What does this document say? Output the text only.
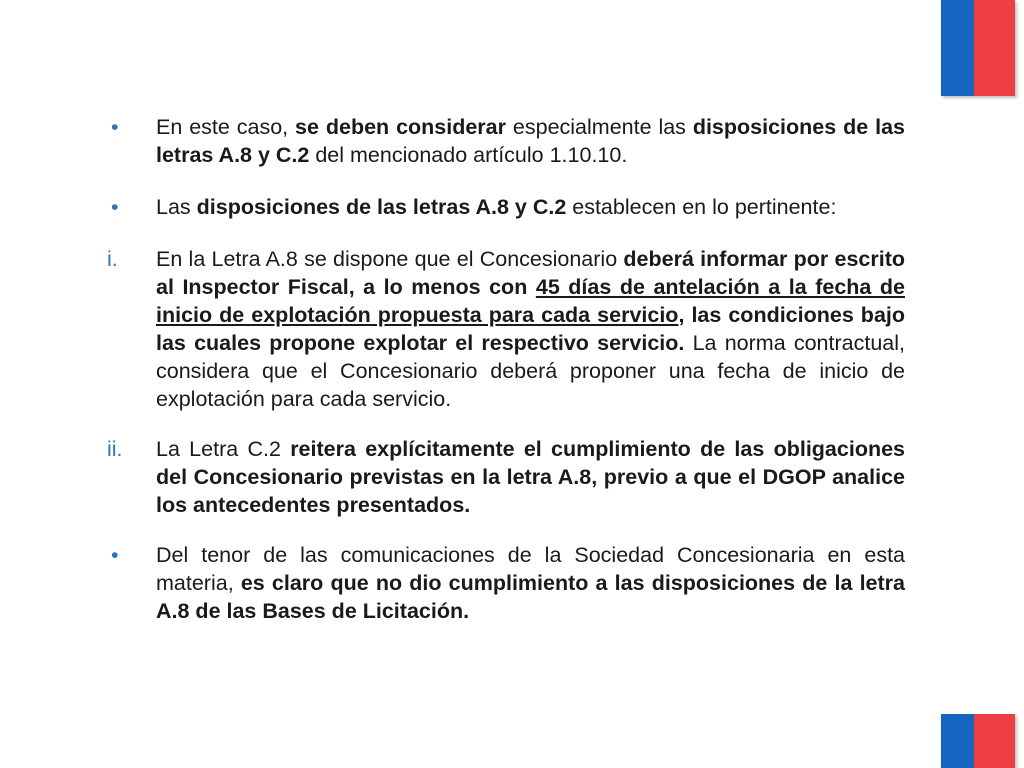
•	En este caso, se deben considerar especialmente las disposiciones de las letras A.8 y C.2 del mencionado artículo 1.10.10.
•	Las disposiciones de las letras A.8 y C.2 establecen en lo pertinente:
i.	En la Letra A.8 se dispone que el Concesionario deberá informar por escrito al Inspector Fiscal, a lo menos con 45 días de antelación a la fecha de inicio de explotación propuesta para cada servicio, las condiciones bajo las cuales propone explotar el respectivo servicio. La norma contractual, considera que el Concesionario deberá proponer una fecha de inicio de explotación para cada servicio.
ii.	La Letra C.2 reitera explícitamente el cumplimiento de las obligaciones del Concesionario previstas en la letra A.8, previo a que el DGOP analice los antecedentes presentados.
•	Del tenor de las comunicaciones de la Sociedad Concesionaria en esta materia, es claro que no dio cumplimiento a las disposiciones de la letra A.8 de las Bases de Licitación.
